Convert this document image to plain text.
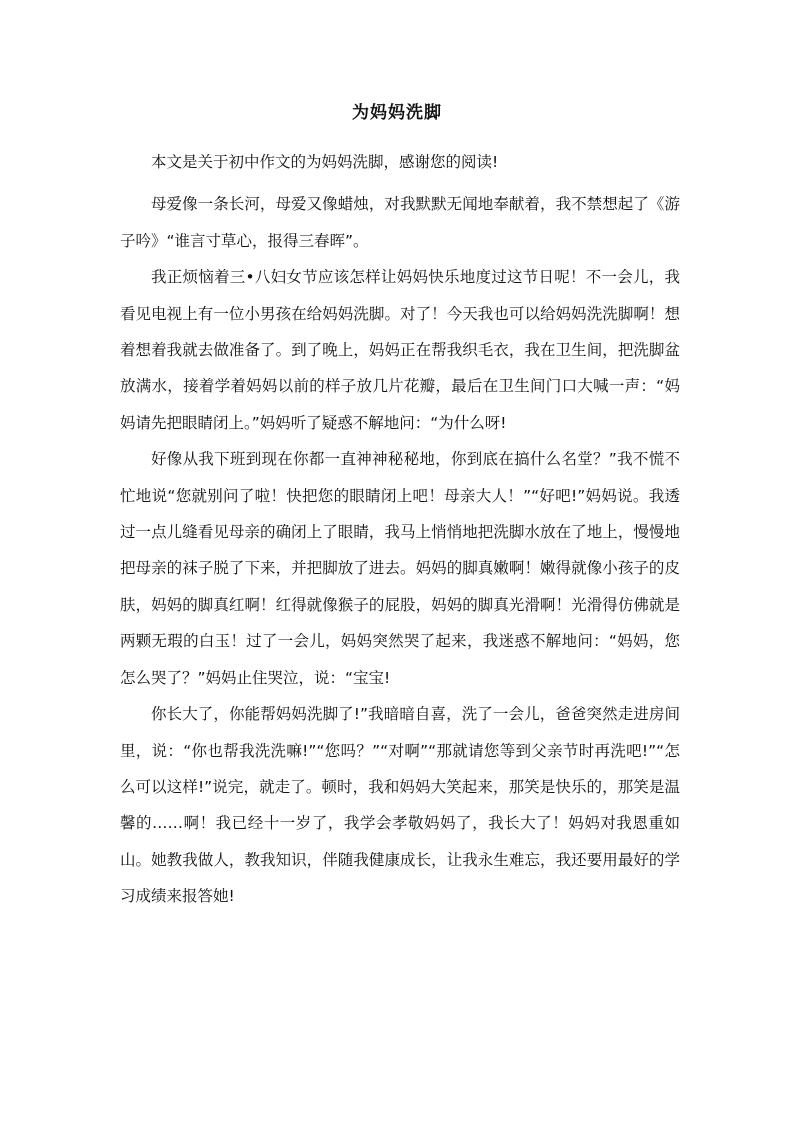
为妈妈洗脚

本文是关于初中作文的为妈妈洗脚，感谢您的阅读!

母爱像一条长河，母爱又像蜡烛，对我默默无闻地奉献着，我不禁想起了《游子吟》“谁言寸草心，报得三春晖”。

我正烦恼着三•八妇女节应该怎样让妈妈快乐地度过这节日呢！不一会儿，我看见电视上有一位小男孩在给妈妈洗脚。对了！今天我也可以给妈妈洗洗脚啊！想着想着我就去做准备了。到了晚上，妈妈正在帮我织毛衣，我在卫生间，把洗脚盆放满水，接着学着妈妈以前的样子放几片花瓣，最后在卫生间门口大喊一声：“妈妈请先把眼睛闭上。”妈妈听了疑惑不解地问：“为什么呀!

好像从我下班到现在你都一直神神秘秘地，你到底在搞什么名堂？”我不慌不忙地说“您就别问了啦！快把您的眼睛闭上吧！母亲大人！”“好吧!”妈妈说。我透过一点儿缝看见母亲的确闭上了眼睛，我马上悄悄地把洗脚水放在了地上，慢慢地把母亲的袜子脱了下来，并把脚放了进去。妈妈的脚真嫩啊！嫩得就像小孩子的皮肤，妈妈的脚真红啊！红得就像猴子的屁股，妈妈的脚真光滑啊！光滑得仿佛就是两颗无瑕的白玉！过了一会儿，妈妈突然哭了起来，我迷惑不解地问：“妈妈，您怎么哭了？”妈妈止住哭泣，说：“宝宝!

你长大了，你能帮妈妈洗脚了!”我暗暗自喜，洗了一会儿，爸爸突然走进房间里，说：“你也帮我洗洗嘛!”“您吗？”“对啊”“那就请您等到父亲节时再洗吧!”“怎么可以这样!”说完，就走了。顿时，我和妈妈大笑起来，那笑是快乐的，那笑是温馨的……啊！我已经十一岁了，我学会孝敬妈妈了，我长大了！妈妈对我恩重如山。她教我做人，教我知识，伴随我健康成长，让我永生难忘，我还要用最好的学习成绩来报答她!
